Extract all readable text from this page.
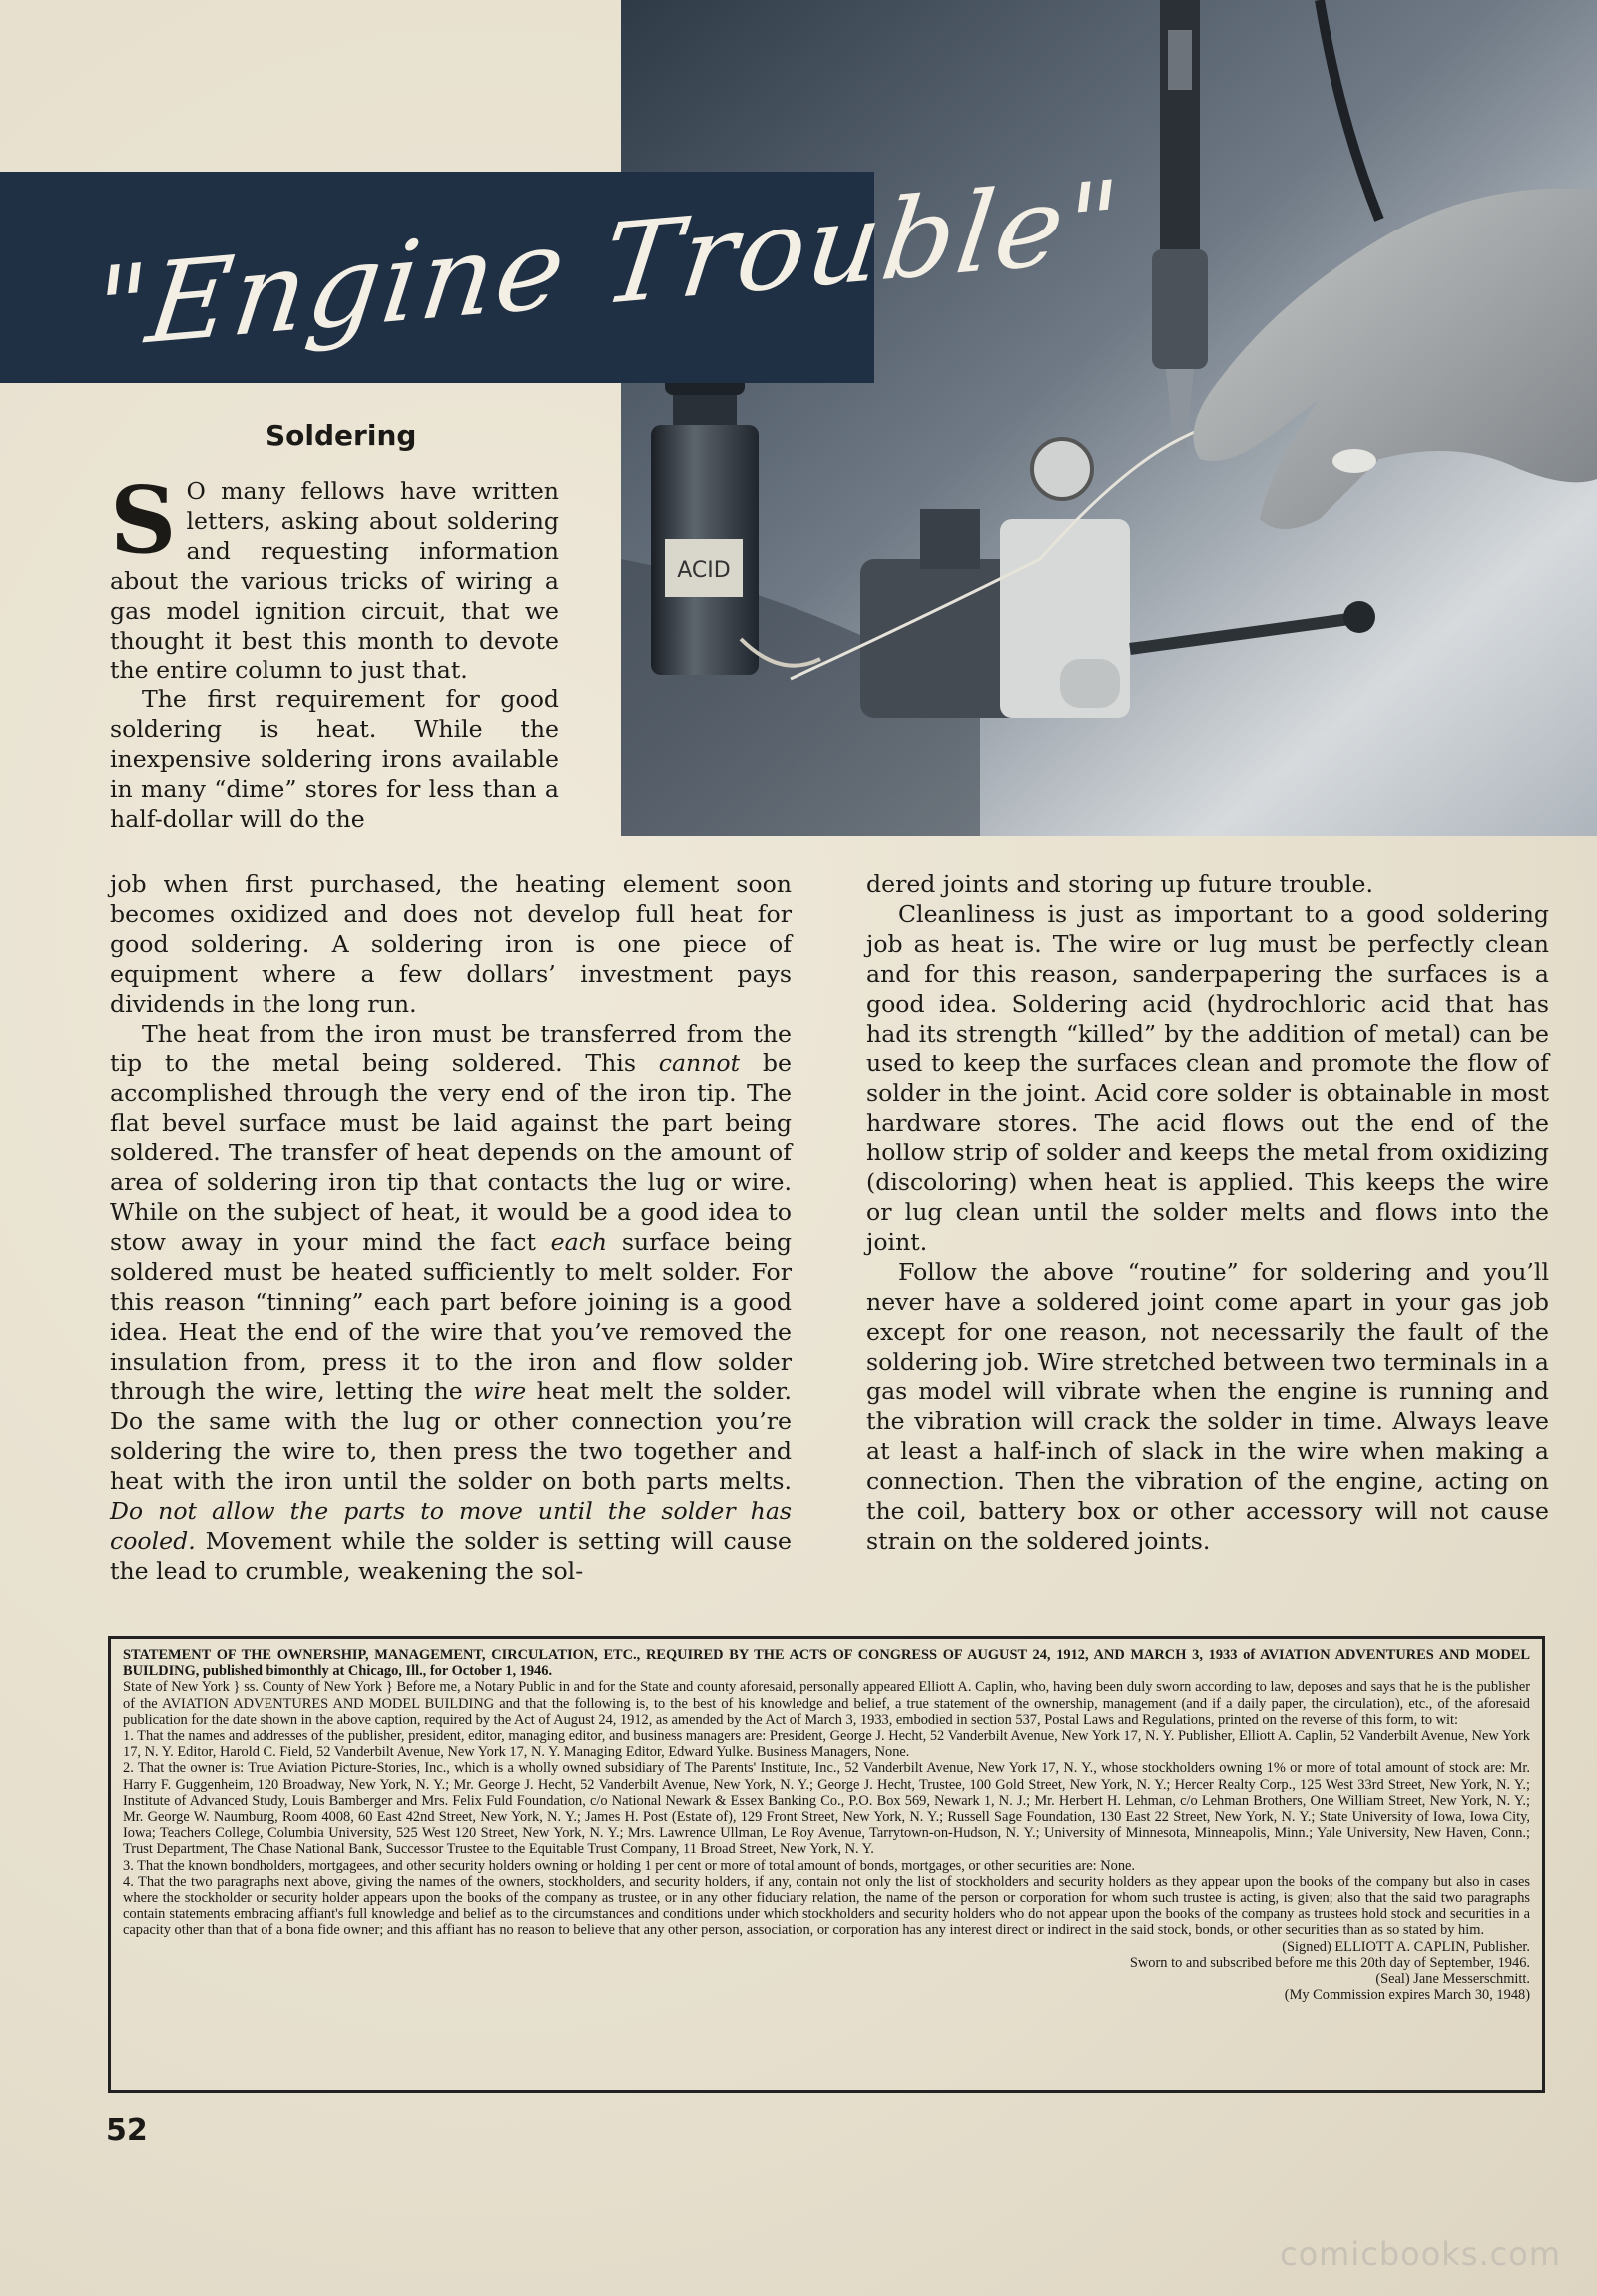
ACID
"Engine Trouble"
Soldering

S O many fellows have written letters, asking about soldering and requesting information about the various tricks of wiring a gas model ignition circuit, that we thought it best this month to devote the entire column to just that.

The first requirement for good soldering is heat. While the inexpensive soldering irons available in many “dime” stores for less than a half-dollar will do the

job when first purchased, the heating element soon becomes oxidized and does not develop full heat for good soldering. A soldering iron is one piece of equipment where a few dollars’ investment pays dividends in the long run.

The heat from the iron must be transferred from the tip to the metal being soldered. This cannot be accomplished through the very end of the iron tip. The flat bevel surface must be laid against the part being soldered. The transfer of heat depends on the amount of area of soldering iron tip that contacts the lug or wire. While on the subject of heat, it would be a good idea to stow away in your mind the fact each surface being soldered must be heated sufficiently to melt solder. For this reason “tinning” each part before joining is a good idea. Heat the end of the wire that you’ve removed the insulation from, press it to the iron and flow solder through the wire, letting the wire heat melt the solder. Do the same with the lug or other connection you’re soldering the wire to, then press the two together and heat with the iron until the solder on both parts melts. Do not allow the parts to move until the solder has cooled. Movement while the solder is setting will cause the lead to crumble, weakening the sol-

dered joints and storing up future trouble.

Cleanliness is just as important to a good soldering job as heat is. The wire or lug must be perfectly clean and for this reason, sanderpapering the surfaces is a good idea. Soldering acid (hydrochloric acid that has had its strength “killed” by the addition of metal) can be used to keep the surfaces clean and promote the flow of solder in the joint. Acid core solder is obtainable in most hardware stores. The acid flows out the end of the hollow strip of solder and keeps the metal from oxidizing (discoloring) when heat is applied. This keeps the wire or lug clean until the solder melts and flows into the joint.

Follow the above “routine” for soldering and you’ll never have a soldered joint come apart in your gas job except for one reason, not necessarily the fault of the soldering job. Wire stretched between two terminals in a gas model will vibrate when the engine is running and the vibration will crack the solder in time. Always leave at least a half-inch of slack in the wire when making a connection. Then the vibration of the engine, acting on the coil, battery box or other accessory will not cause strain on the soldered joints.

STATEMENT OF THE OWNERSHIP, MANAGEMENT, CIRCULATION, ETC., REQUIRED BY THE ACTS OF CONGRESS OF AUGUST 24, 1912, AND MARCH 3, 1933 of AVIATION ADVENTURES AND MODEL BUILDING, published bimonthly at Chicago, Ill., for October 1, 1946.
State of New York } ss. County of New York } Before me, a Notary Public in and for the State and county aforesaid, personally appeared Elliott A. Caplin, who, having been duly sworn according to law, deposes and says that he is the publisher of the AVIATION ADVENTURES AND MODEL BUILDING and that the following is, to the best of his knowledge and belief, a true statement of the ownership, management (and if a daily paper, the circulation), etc., of the aforesaid publication for the date shown in the above caption, required by the Act of August 24, 1912, as amended by the Act of March 3, 1933, embodied in section 537, Postal Laws and Regulations, printed on the reverse of this form, to wit:
1. That the names and addresses of the publisher, president, editor, managing editor, and business managers are: President, George J. Hecht, 52 Vanderbilt Avenue, New York 17, N. Y. Publisher, Elliott A. Caplin, 52 Vanderbilt Avenue, New York 17, N. Y. Editor, Harold C. Field, 52 Vanderbilt Avenue, New York 17, N. Y. Managing Editor, Edward Yulke. Business Managers, None.
2. That the owner is: True Aviation Picture-Stories, Inc., which is a wholly owned subsidiary of The Parents' Institute, Inc., 52 Vanderbilt Avenue, New York 17, N. Y., whose stockholders owning 1% or more of total amount of stock are: Mr. Harry F. Guggenheim, 120 Broadway, New York, N. Y.; Mr. George J. Hecht, 52 Vanderbilt Avenue, New York, N. Y.; George J. Hecht, Trustee, 100 Gold Street, New York, N. Y.; Hercer Realty Corp., 125 West 33rd Street, New York, N. Y.; Institute of Advanced Study, Louis Bamberger and Mrs. Felix Fuld Foundation, c/o National Newark & Essex Banking Co., P.O. Box 569, Newark 1, N. J.; Mr. Herbert H. Lehman, c/o Lehman Brothers, One William Street, New York, N. Y.; Mr. George W. Naumburg, Room 4008, 60 East 42nd Street, New York, N. Y.; James H. Post (Estate of), 129 Front Street, New York, N. Y.; Russell Sage Foundation, 130 East 22 Street, New York, N. Y.; State University of Iowa, Iowa City, Iowa; Teachers College, Columbia University, 525 West 120 Street, New York, N. Y.; Mrs. Lawrence Ullman, Le Roy Avenue, Tarrytown-on-Hudson, N. Y.; University of Minnesota, Minneapolis, Minn.; Yale University, New Haven, Conn.; Trust Department, The Chase National Bank, Successor Trustee to the Equitable Trust Company, 11 Broad Street, New York, N. Y.
3. That the known bondholders, mortgagees, and other security holders owning or holding 1 per cent or more of total amount of bonds, mortgages, or other securities are: None.
4. That the two paragraphs next above, giving the names of the owners, stockholders, and security holders, if any, contain not only the list of stockholders and security holders as they appear upon the books of the company but also in cases where the stockholder or security holder appears upon the books of the company as trustee, or in any other fiduciary relation, the name of the person or corporation for whom such trustee is acting, is given; also that the said two paragraphs contain statements embracing affiant's full knowledge and belief as to the circumstances and conditions under which stockholders and security holders who do not appear upon the books of the company as trustees hold stock and securities in a capacity other than that of a bona fide owner; and this affiant has no reason to believe that any other person, association, or corporation has any interest direct or indirect in the said stock, bonds, or other securities than as so stated by him.
(Signed) ELLIOTT A. CAPLIN, Publisher.
Sworn to and subscribed before me this 20th day of September, 1946.
(Seal) Jane Messerschmitt.
(My Commission expires March 30, 1948)
52
comicbooks.com
